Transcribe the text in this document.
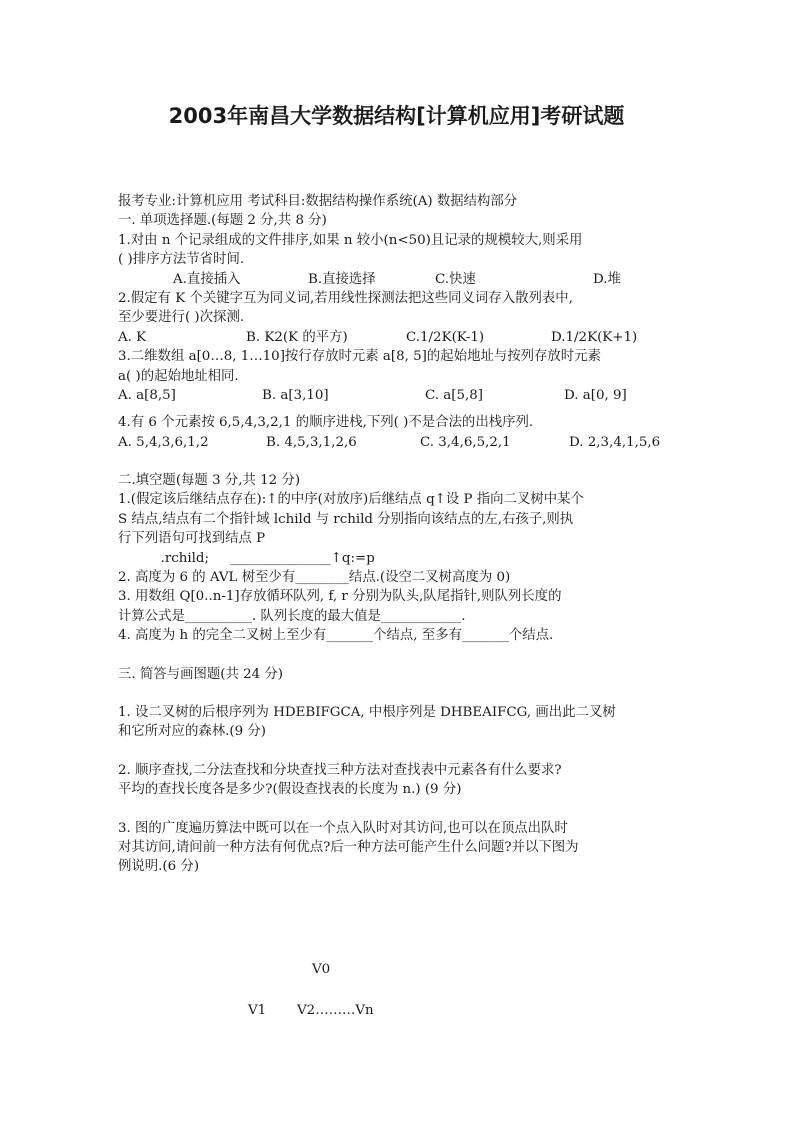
2003年南昌大学数据结构[计算机应用]考研试题
报考专业:计算机应用 考试科目:数据结构操作系统(A) 数据结构部分
一. 单项选择题.(每题 2 分,共 8 分)
1.对由 n 个记录组成的文件排序,如果 n 较小(n<50)且记录的规模较大,则采用
( )排序方法节省时间.
A.直接插入	B.直接选择	C.快速	D.堆
2.假定有 K 个关键字互为同义词,若用线性探测法把这些同义词存入散列表中,
至少要进行( )次探测.
A. K	B. K2(K 的平方)	C.1/2K(K-1)	D.1/2K(K+1)
3.二维数组 a[0…8, 1…10]按行存放时元素 a[8, 5]的起始地址与按列存放时元素
a( )的起始地址相同.
A. a[8,5]	B. a[3,10]	C. a[5,8]	D. a[0, 9]
4.有 6 个元素按 6,5,4,3,2,1 的顺序进栈,下列( )不是合法的出栈序列.
A. 5,4,3,6,1,2	B. 4,5,3,1,2,6	C. 3,4,6,5,2,1	D. 2,3,4,1,5,6
二.填空题(每题 3 分,共 12 分)
1.(假定该后继结点存在):↑的中序(对放序)后继结点 q↑设 P 指向二叉树中某个
S 结点,结点有二个指针域 lchild 与 rchild 分别指向该结点的左,右孩子,则执
行下列语句可找到结点 P
.rchild;     _______________↑q:=p
2. 高度为 6 的 AVL 树至少有________结点.(设空二叉树高度为 0)
3. 用数组 Q[0..n-1]存放循环队列, f, r 分别为队头,队尾指针,则队列长度的
计算公式是__________. 队列长度的最大值是____________.
4. 高度为 h 的完全二叉树上至少有_______个结点, 至多有_______个结点.
三. 简答与画图题(共 24 分)
1. 设二叉树的后根序列为 HDEBIFGCA, 中根序列是 DHBEAIFCG, 画出此二叉树
和它所对应的森林.(9 分)
2. 顺序查找,二分法查找和分块查找三种方法对查找表中元素各有什么要求?
平均的查找长度各是多少?(假设查找表的长度为 n.) (9 分)
3. 图的广度遍历算法中既可以在一个点入队时对其访问,也可以在顶点出队时
对其访问,请问前一种方法有何优点?后一种方法可能产生什么问题?并以下图为
例说明.(6 分)
V0
V1 V2………Vn
